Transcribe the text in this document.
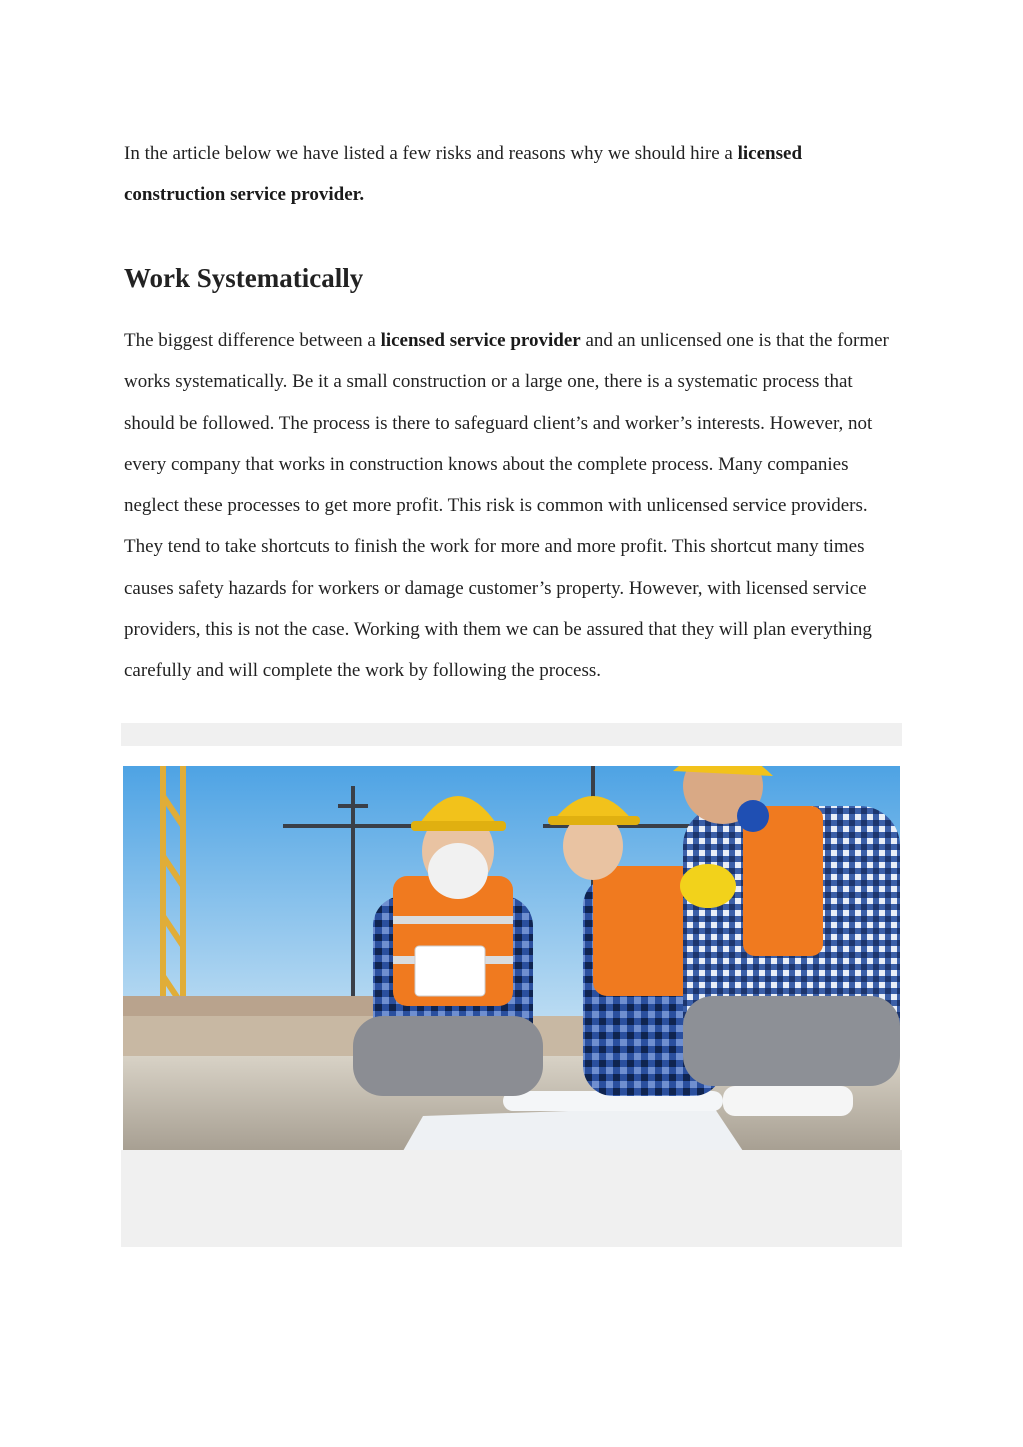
In the article below we have listed a few risks and reasons why we should hire a licensed construction service provider.

Work Systematically

The biggest difference between a licensed service provider and an unlicensed one is that the former works systematically. Be it a small construction or a large one, there is a systematic process that should be followed. The process is there to safeguard client’s and worker’s interests. However, not every company that works in construction knows about the complete process. Many companies neglect these processes to get more profit. This risk is common with unlicensed service providers. They tend to take shortcuts to finish the work for more and more profit. This shortcut many times causes safety hazards for workers or damage customer’s property. However, with licensed service providers, this is not the case. Working with them we can be assured that they will plan everything carefully and will complete the work by following the process.
